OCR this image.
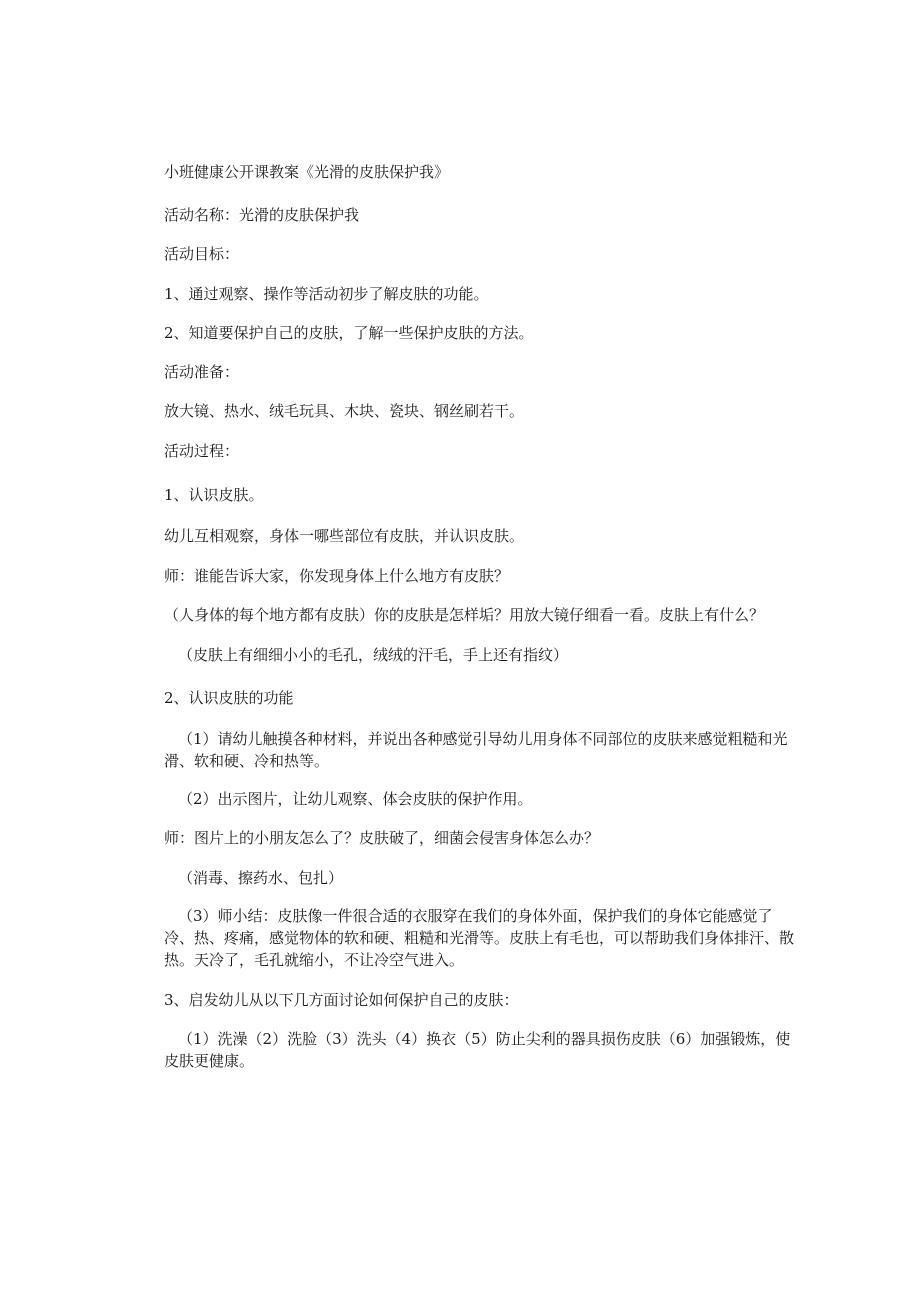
小班健康公开课教案《光滑的皮肤保护我》
活动名称：光滑的皮肤保护我
活动目标：
1、通过观察、操作等活动初步了解皮肤的功能。
2、知道要保护自己的皮肤，了解一些保护皮肤的方法。
活动准备：
放大镜、热水、绒毛玩具、木块、瓷块、钢丝刷若干。
活动过程：
1、认识皮肤。
幼儿互相观察，身体一哪些部位有皮肤，并认识皮肤。
师：谁能告诉大家，你发现身体上什么地方有皮肤？
（人身体的每个地方都有皮肤）你的皮肤是怎样垢？用放大镜仔细看一看。皮肤上有什么？
（皮肤上有细细小小的毛孔，绒绒的汗毛，手上还有指纹）
2、认识皮肤的功能
（1）请幼儿触摸各种材料，并说出各种感觉引导幼儿用身体不同部位的皮肤来感觉粗糙和光滑、软和硬、冷和热等。
（2）出示图片，让幼儿观察、体会皮肤的保护作用。
师：图片上的小朋友怎么了？皮肤破了，细菌会侵害身体怎么办？
（消毒、擦药水、包扎）
（3）师小结：皮肤像一件很合适的衣服穿在我们的身体外面，保护我们的身体它能感觉了冷、热、疼痛，感觉物体的软和硬、粗糙和光滑等。皮肤上有毛也，可以帮助我们身体排汗、散热。天冷了，毛孔就缩小，不让冷空气进入。
3、启发幼儿从以下几方面讨论如何保护自己的皮肤：
（1）洗澡（2）洗脸（3）洗头（4）换衣（5）防止尖利的器具损伤皮肤（6）加强锻炼，使皮肤更健康。
